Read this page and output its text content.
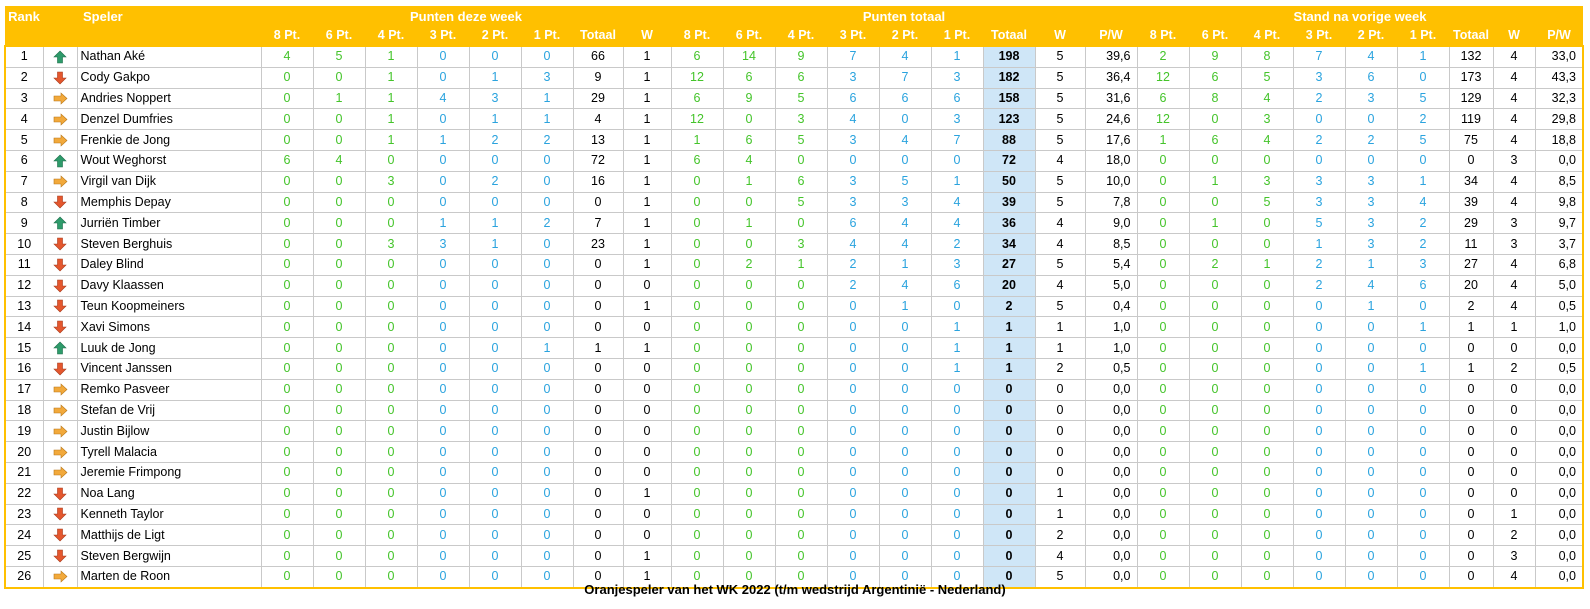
Rank		Speler	Punten deze week								Punten totaal									Stand na vorige week								
			8 Pt.	6 Pt.	4 Pt.	3 Pt.	2 Pt.	1 Pt.	Totaal	W	8 Pt.	6 Pt.	4 Pt.	3 Pt.	2 Pt.	1 Pt.	Totaal	W	P/W	8 Pt.	6 Pt.	4 Pt.	3 Pt.	2 Pt.	1 Pt.	Totaal	W	P/W
1		Nathan Aké	4	5	1	0	0	0	66	1	6	14	9	7	4	1	198	5	39,6	2	9	8	7	4	1	132	4	33,0
2		Cody Gakpo	0	0	1	0	1	3	9	1	12	6	6	3	7	3	182	5	36,4	12	6	5	3	6	0	173	4	43,3
3		Andries Noppert	0	1	1	4	3	1	29	1	6	9	5	6	6	6	158	5	31,6	6	8	4	2	3	5	129	4	32,3
4		Denzel Dumfries	0	0	1	0	1	1	4	1	12	0	3	4	0	3	123	5	24,6	12	0	3	0	0	2	119	4	29,8
5		Frenkie de Jong	0	0	1	1	2	2	13	1	1	6	5	3	4	7	88	5	17,6	1	6	4	2	2	5	75	4	18,8
6		Wout Weghorst	6	4	0	0	0	0	72	1	6	4	0	0	0	0	72	4	18,0	0	0	0	0	0	0	0	3	0,0
7		Virgil van Dijk	0	0	3	0	2	0	16	1	0	1	6	3	5	1	50	5	10,0	0	1	3	3	3	1	34	4	8,5
8		Memphis Depay	0	0	0	0	0	0	0	1	0	0	5	3	3	4	39	5	7,8	0	0	5	3	3	4	39	4	9,8
9		Jurriën Timber	0	0	0	1	1	2	7	1	0	1	0	6	4	4	36	4	9,0	0	1	0	5	3	2	29	3	9,7
10		Steven Berghuis	0	0	3	3	1	0	23	1	0	0	3	4	4	2	34	4	8,5	0	0	0	1	3	2	11	3	3,7
11		Daley Blind	0	0	0	0	0	0	0	1	0	2	1	2	1	3	27	5	5,4	0	2	1	2	1	3	27	4	6,8
12		Davy Klaassen	0	0	0	0	0	0	0	0	0	0	0	2	4	6	20	4	5,0	0	0	0	2	4	6	20	4	5,0
13		Teun Koopmeiners	0	0	0	0	0	0	0	1	0	0	0	0	1	0	2	5	0,4	0	0	0	0	1	0	2	4	0,5
14		Xavi Simons	0	0	0	0	0	0	0	0	0	0	0	0	0	1	1	1	1,0	0	0	0	0	0	1	1	1	1,0
15		Luuk de Jong	0	0	0	0	0	1	1	1	0	0	0	0	0	1	1	1	1,0	0	0	0	0	0	0	0	0	0,0
16		Vincent Janssen	0	0	0	0	0	0	0	0	0	0	0	0	0	1	1	2	0,5	0	0	0	0	0	1	1	2	0,5
17		Remko Pasveer	0	0	0	0	0	0	0	0	0	0	0	0	0	0	0	0	0,0	0	0	0	0	0	0	0	0	0,0
18		Stefan de Vrij	0	0	0	0	0	0	0	0	0	0	0	0	0	0	0	0	0,0	0	0	0	0	0	0	0	0	0,0
19		Justin Bijlow	0	0	0	0	0	0	0	0	0	0	0	0	0	0	0	0	0,0	0	0	0	0	0	0	0	0	0,0
20		Tyrell Malacia	0	0	0	0	0	0	0	0	0	0	0	0	0	0	0	0	0,0	0	0	0	0	0	0	0	0	0,0
21		Jeremie Frimpong	0	0	0	0	0	0	0	0	0	0	0	0	0	0	0	0	0,0	0	0	0	0	0	0	0	0	0,0
22		Noa Lang	0	0	0	0	0	0	0	1	0	0	0	0	0	0	0	1	0,0	0	0	0	0	0	0	0	0	0,0
23		Kenneth Taylor	0	0	0	0	0	0	0	0	0	0	0	0	0	0	0	1	0,0	0	0	0	0	0	0	0	1	0,0
24		Matthijs de Ligt	0	0	0	0	0	0	0	0	0	0	0	0	0	0	0	2	0,0	0	0	0	0	0	0	0	2	0,0
25		Steven Bergwijn	0	0	0	0	0	0	0	1	0	0	0	0	0	0	0	4	0,0	0	0	0	0	0	0	0	3	0,0
26		Marten de Roon	0	0	0	0	0	0	0	1	0	0	0	0	0	0	0	5	0,0	0	0	0	0	0	0	0	4	0,0
Oranjespeler van het WK 2022 (t/m wedstrijd Argentinië - Nederland)
